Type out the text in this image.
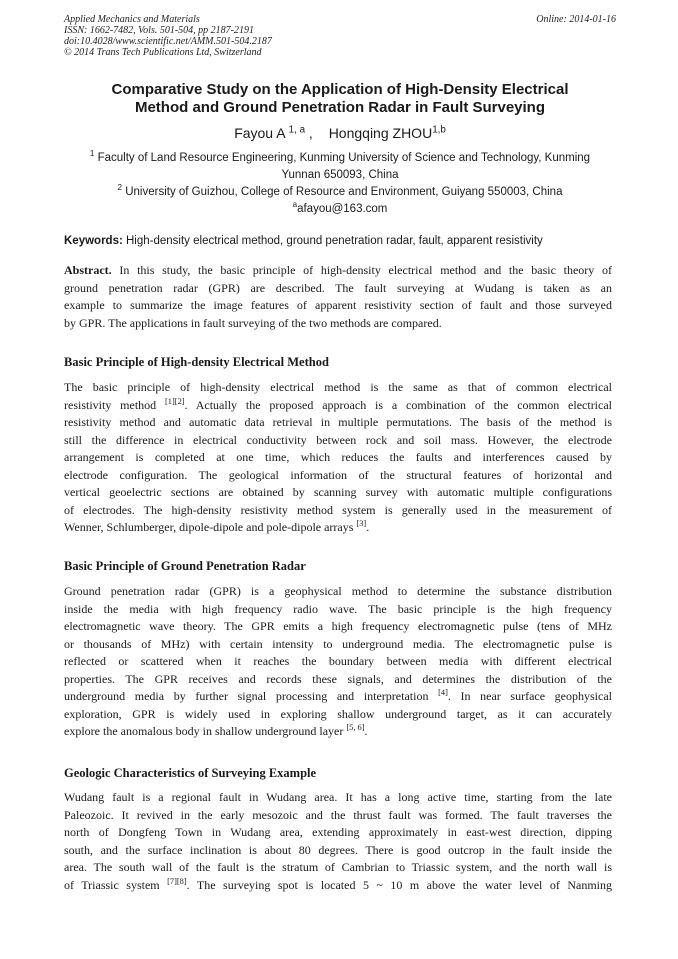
Applied Mechanics and Materials
ISSN: 1662-7482, Vols. 501-504, pp 2187-2191
doi:10.4028/www.scientific.net/AMM.501-504.2187
© 2014 Trans Tech Publications Ltd, Switzerland
Online: 2014-01-16
Comparative Study on the Application of High-Density Electrical
Method and Ground Penetration Radar in Fault Surveying
Fayou A $^{1, a}$ , Hongqing ZHOU$^{1,b}$
$^1$ Faculty of Land Resource Engineering, Kunming University of Science and Technology, Kunming
Yunnan 650093, China
$^2$ University of Guizhou, College of Resource and Environment, Guiyang 550003, China
$^a$afayou@163.com
Keywords: High-density electrical method, ground penetration radar, fault, apparent resistivity
Abstract. In this study, the basic principle of high-density electrical method and the basic theory of
ground penetration radar (GPR) are described. The fault surveying at Wudang is taken as an
example to summarize the image features of apparent resistivity section of fault and those surveyed
by GPR. The applications in fault surveying of the two methods are compared.
Basic Principle of High-density Electrical Method
The basic principle of high-density electrical method is the same as that of common electrical
resistivity method [1][2]. Actually the proposed approach is a combination of the common electrical
resistivity method and automatic data retrieval in multiple permutations. The basis of the method is
still the difference in electrical conductivity between rock and soil mass. However, the electrode
arrangement is completed at one time, which reduces the faults and interferences caused by
electrode configuration. The geological information of the structural features of horizontal and
vertical geoelectric sections are obtained by scanning survey with automatic multiple configurations
of electrodes. The high-density resistivity method system is generally used in the measurement of
Wenner, Schlumberger, dipole-dipole and pole-dipole arrays [3].
Basic Principle of Ground Penetration Radar
Ground penetration radar (GPR) is a geophysical method to determine the substance distribution
inside the media with high frequency radio wave. The basic principle is the high frequency
electromagnetic wave theory. The GPR emits a high frequency electromagnetic pulse (tens of MHz
or thousands of MHz) with certain intensity to underground media. The electromagnetic pulse is
reflected or scattered when it reaches the boundary between media with different electrical
properties. The GPR receives and records these signals, and determines the distribution of the
underground media by further signal processing and interpretation [4]. In near surface geophysical
exploration, GPR is widely used in exploring shallow underground target, as it can accurately
explore the anomalous body in shallow underground layer [5, 6].
Geologic Characteristics of Surveying Example
Wudang fault is a regional fault in Wudang area. It has a long active time, starting from the late
Paleozoic. It revived in the early mesozoic and the thrust fault was formed. The fault traverses the
north of Dongfeng Town in Wudang area, extending approximately in east-west direction, dipping
south, and the surface inclination is about 80 degrees. There is good outcrop in the fault inside the
area. The south wall of the fault is the stratum of Cambrian to Triassic system, and the north wall is
of Triassic system [7][8]. The surveying spot is located 5 ~ 10 m above the water level of Nanming
